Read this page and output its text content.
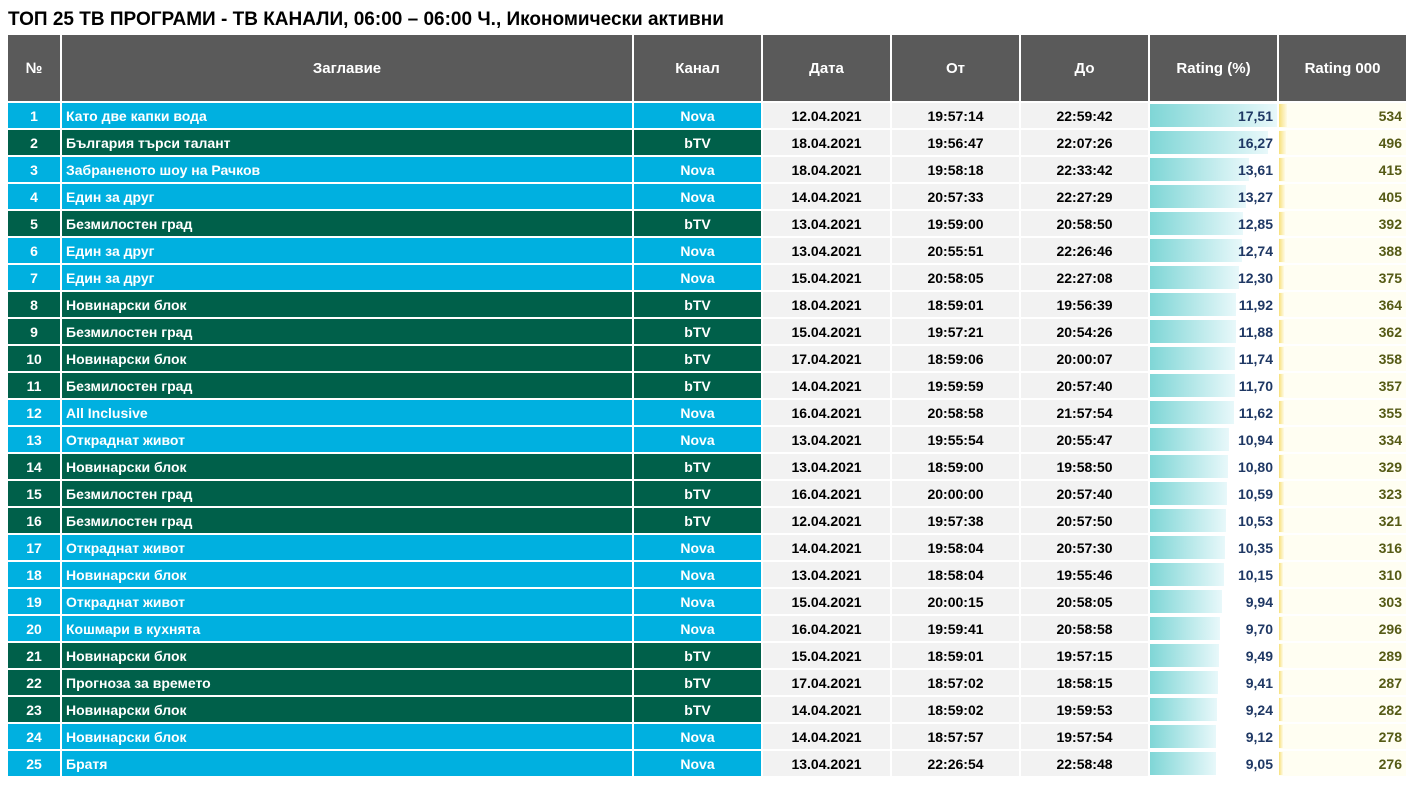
ТОП 25 ТВ ПРОГРАМИ - ТВ КАНАЛИ, 06:00 – 06:00 Ч., Икономически активни
№	Заглавие	Канал	Дата	От	До	Rating (%)	Rating 000
1	Като две капки вода	Nova	12.04.2021	19:57:14	22:59:42	17,51	534
2	България търси талант	bTV	18.04.2021	19:56:47	22:07:26	16,27	496
3	Забраненото шоу на Рачков	Nova	18.04.2021	19:58:18	22:33:42	13,61	415
4	Един за друг	Nova	14.04.2021	20:57:33	22:27:29	13,27	405
5	Безмилостен град	bTV	13.04.2021	19:59:00	20:58:50	12,85	392
6	Един за друг	Nova	13.04.2021	20:55:51	22:26:46	12,74	388
7	Един за друг	Nova	15.04.2021	20:58:05	22:27:08	12,30	375
8	Новинарски блок	bTV	18.04.2021	18:59:01	19:56:39	11,92	364
9	Безмилостен град	bTV	15.04.2021	19:57:21	20:54:26	11,88	362
10	Новинарски блок	bTV	17.04.2021	18:59:06	20:00:07	11,74	358
11	Безмилостен град	bTV	14.04.2021	19:59:59	20:57:40	11,70	357
12	All Inclusive	Nova	16.04.2021	20:58:58	21:57:54	11,62	355
13	Откраднат живот	Nova	13.04.2021	19:55:54	20:55:47	10,94	334
14	Новинарски блок	bTV	13.04.2021	18:59:00	19:58:50	10,80	329
15	Безмилостен град	bTV	16.04.2021	20:00:00	20:57:40	10,59	323
16	Безмилостен град	bTV	12.04.2021	19:57:38	20:57:50	10,53	321
17	Откраднат живот	Nova	14.04.2021	19:58:04	20:57:30	10,35	316
18	Новинарски блок	Nova	13.04.2021	18:58:04	19:55:46	10,15	310
19	Откраднат живот	Nova	15.04.2021	20:00:15	20:58:05	9,94	303
20	Кошмари в кухнята	Nova	16.04.2021	19:59:41	20:58:58	9,70	296
21	Новинарски блок	bTV	15.04.2021	18:59:01	19:57:15	9,49	289
22	Прогноза за времето	bTV	17.04.2021	18:57:02	18:58:15	9,41	287
23	Новинарски блок	bTV	14.04.2021	18:59:02	19:59:53	9,24	282
24	Новинарски блок	Nova	14.04.2021	18:57:57	19:57:54	9,12	278
25	Братя	Nova	13.04.2021	22:26:54	22:58:48	9,05	276
